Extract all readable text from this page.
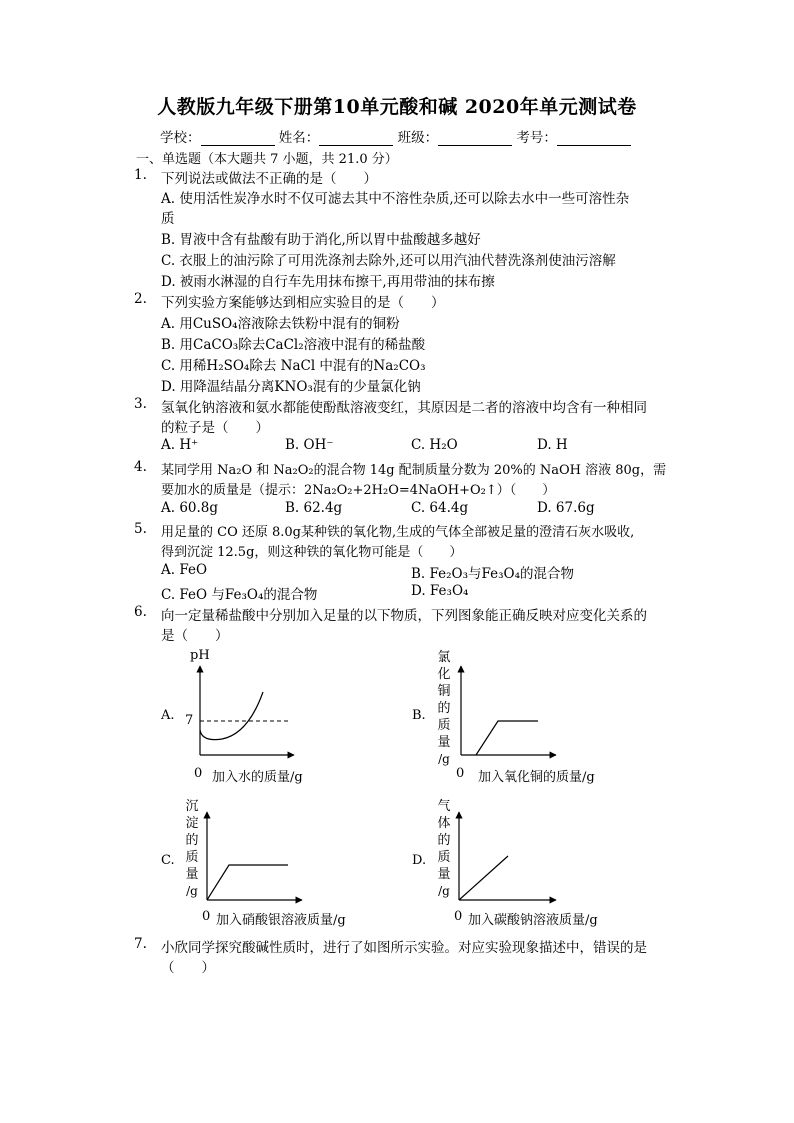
人教版九年级下册第10单元酸和碱 2020年单元测试卷
学校：	姓名：	班级：	考号：
一、单选题（本大题共 7 小题，共 21.0 分）
1. 下列说法或做法不正确的是（　　）
A. 使用活性炭净水时不仅可滤去其中不溶性杂质,还可以除去水中一些可溶性杂
质
B. 胃液中含有盐酸有助于消化,所以胃中盐酸越多越好
C. 衣服上的油污除了可用洗涤剂去除外,还可以用汽油代替洗涤剂使油污溶解
D. 被雨水淋湿的自行车先用抹布擦干,再用带油的抹布擦
2. 下列实验方案能够达到相应实验目的是（　　）
A. 用CuSO₄溶液除去铁粉中混有的铜粉
B. 用CaCO₃除去CaCl₂溶液中混有的稀盐酸
C. 用稀H₂SO₄除去 NaCl 中混有的Na₂CO₃
D. 用降温结晶分离KNO₃混有的少量氯化钠
3. 氢氧化钠溶液和氨水都能使酚酞溶液变红，其原因是二者的溶液中均含有一种相同
的粒子是（　　）
A. H⁺	B. OH⁻	C. H₂O	D. H
4. 某同学用 Na₂O 和 Na₂O₂的混合物 14g 配制质量分数为 20%的 NaOH 溶液 80g，需
要加水的质量是（提示：2Na₂O₂+2H₂O=4NaOH+O₂↑）（　　）
A. 60.8g	B. 62.4g	C. 64.4g	D. 67.6g
5. 用足量的 CO 还原 8.0g某种铁的氧化物,生成的气体全部被足量的澄清石灰水吸收,
得到沉淀 12.5g，则这种铁的氧化物可能是（　　）
A. FeO	B. Fe₂O₃与Fe₃O₄的混合物
C. FeO 与Fe₃O₄的混合物	D. Fe₃O₄
6. 向一定量稀盐酸中分别加入足量的以下物质，下列图象能正确反映对应变化关系的
是（　　）
A.
pH
7
0 加入水的质量/g
B.
氯
化
铜
的
质
量
/g
0 加入氧化铜的质量/g
C.
沉
淀
的
质
量
/g
0 加入硝酸银溶液质量/g
D.
气
体
的
质
量
/g
0 加入碳酸钠溶液质量/g
7. 小欣同学探究酸碱性质时，进行了如图所示实验。对应实验现象描述中，错误的是
（　　）
